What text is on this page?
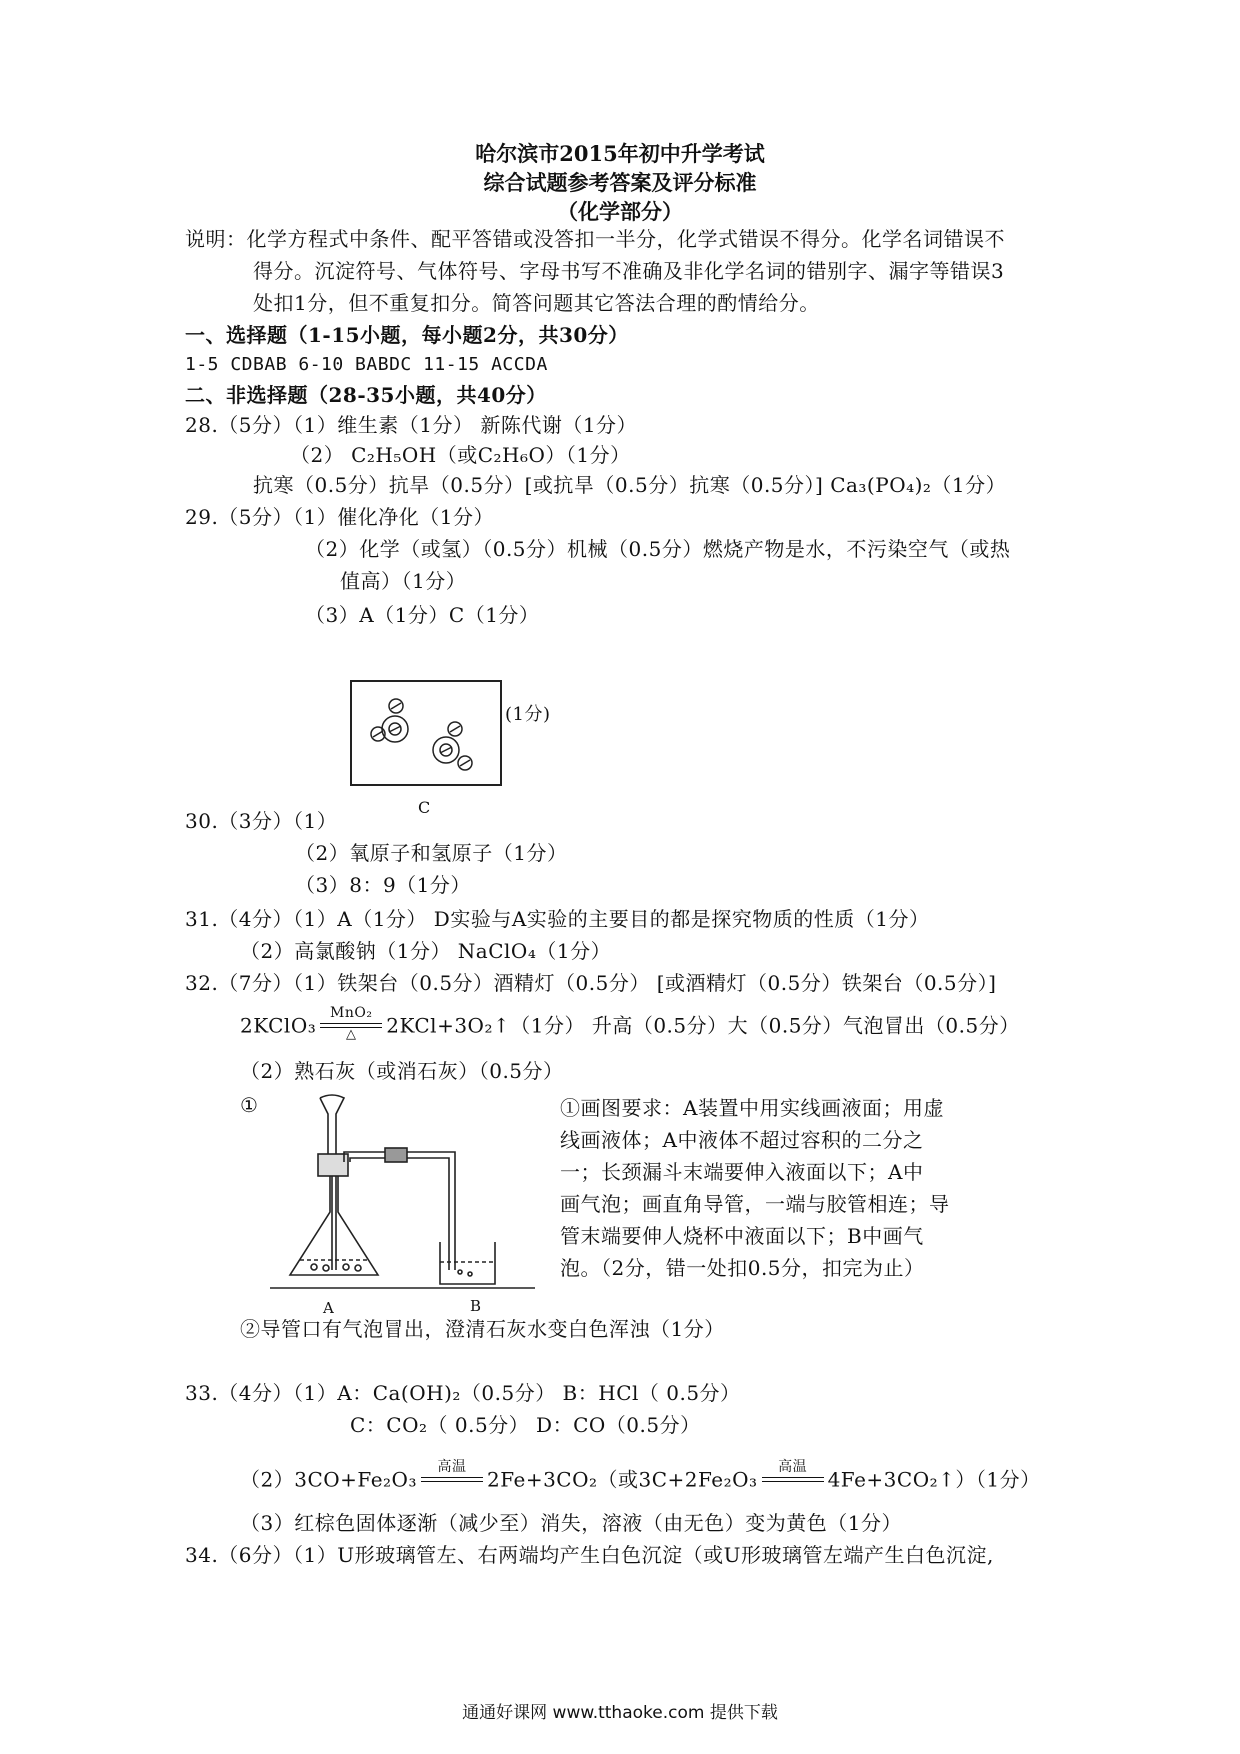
哈尔滨市2015年初中升学考试
综合试题参考答案及评分标准
（化学部分）
说明：化学方程式中条件、配平答错或没答扣一半分，化学式错误不得分。化学名词错误不
得分。沉淀符号、气体符号、字母书写不准确及非化学名词的错别字、漏字等错误3
处扣1分，但不重复扣分。简答问题其它答法合理的酌情给分。
一、选择题（1-15小题，每小题2分，共30分）
1-5 CDBAB 6-10 BABDC 11-15 ACCDA
二、非选择题（28-35小题，共40分）
28.（5分）（1）维生素（1分） 新陈代谢（1分）
（2） C₂H₅OH（或C₂H₆O）（1分）
抗寒（0.5分）抗旱（0.5分）[或抗旱（0.5分）抗寒（0.5分）] Ca₃(PO₄)₂（1分）
29.（5分）（1）催化净化（1分）
（2）化学（或氢）（0.5分）机械（0.5分）燃烧产物是水，不污染空气（或热
值高）（1分）
（3）A（1分）C（1分）
(1分)
C
30.（3分）（1）
（2）氧原子和氢原子（1分）
（3）8：9（1分）
31.（4分）（1）A（1分） D实验与A实验的主要目的都是探究物质的性质（1分）
（2）高氯酸钠（1分） NaClO₄（1分）
32.（7分）（1）铁架台（0.5分）酒精灯（0.5分） [或酒精灯（0.5分）铁架台（0.5分）]
2KClO₃
MnO₂
△	2KCl+3O₂↑（1分） 升高（0.5分）大（0.5分）气泡冒出（0.5分）
（2）熟石灰（或消石灰）（0.5分）
①
A	B
①画图要求：A装置中用实线画液面；用虚
线画液体；A中液体不超过容积的二分之
一；长颈漏斗末端要伸入液面以下；A中
画气泡；画直角导管，一端与胶管相连；导
管末端要伸人烧杯中液面以下；B中画气
泡。（2分，错一处扣0.5分，扣完为止）
②导管口有气泡冒出，澄清石灰水变白色浑浊（1分）
33.（4分）（1）A：Ca(OH)₂（0.5分） B：HCl（ 0.5分）
C：CO₂（ 0.5分） D：CO（0.5分）
（2）3CO+Fe₂O₃
高温
2Fe+3CO₂（或3C+2Fe₂O₃
高温
4Fe+3CO₂↑）（1分）
（3）红棕色固体逐渐（减少至）消失，溶液（由无色）变为黄色（1分）
34.（6分）（1）U形玻璃管左、右两端均产生白色沉淀（或U形玻璃管左端产生白色沉淀,
通通好课网 www.tthaoke.com 提供下载
